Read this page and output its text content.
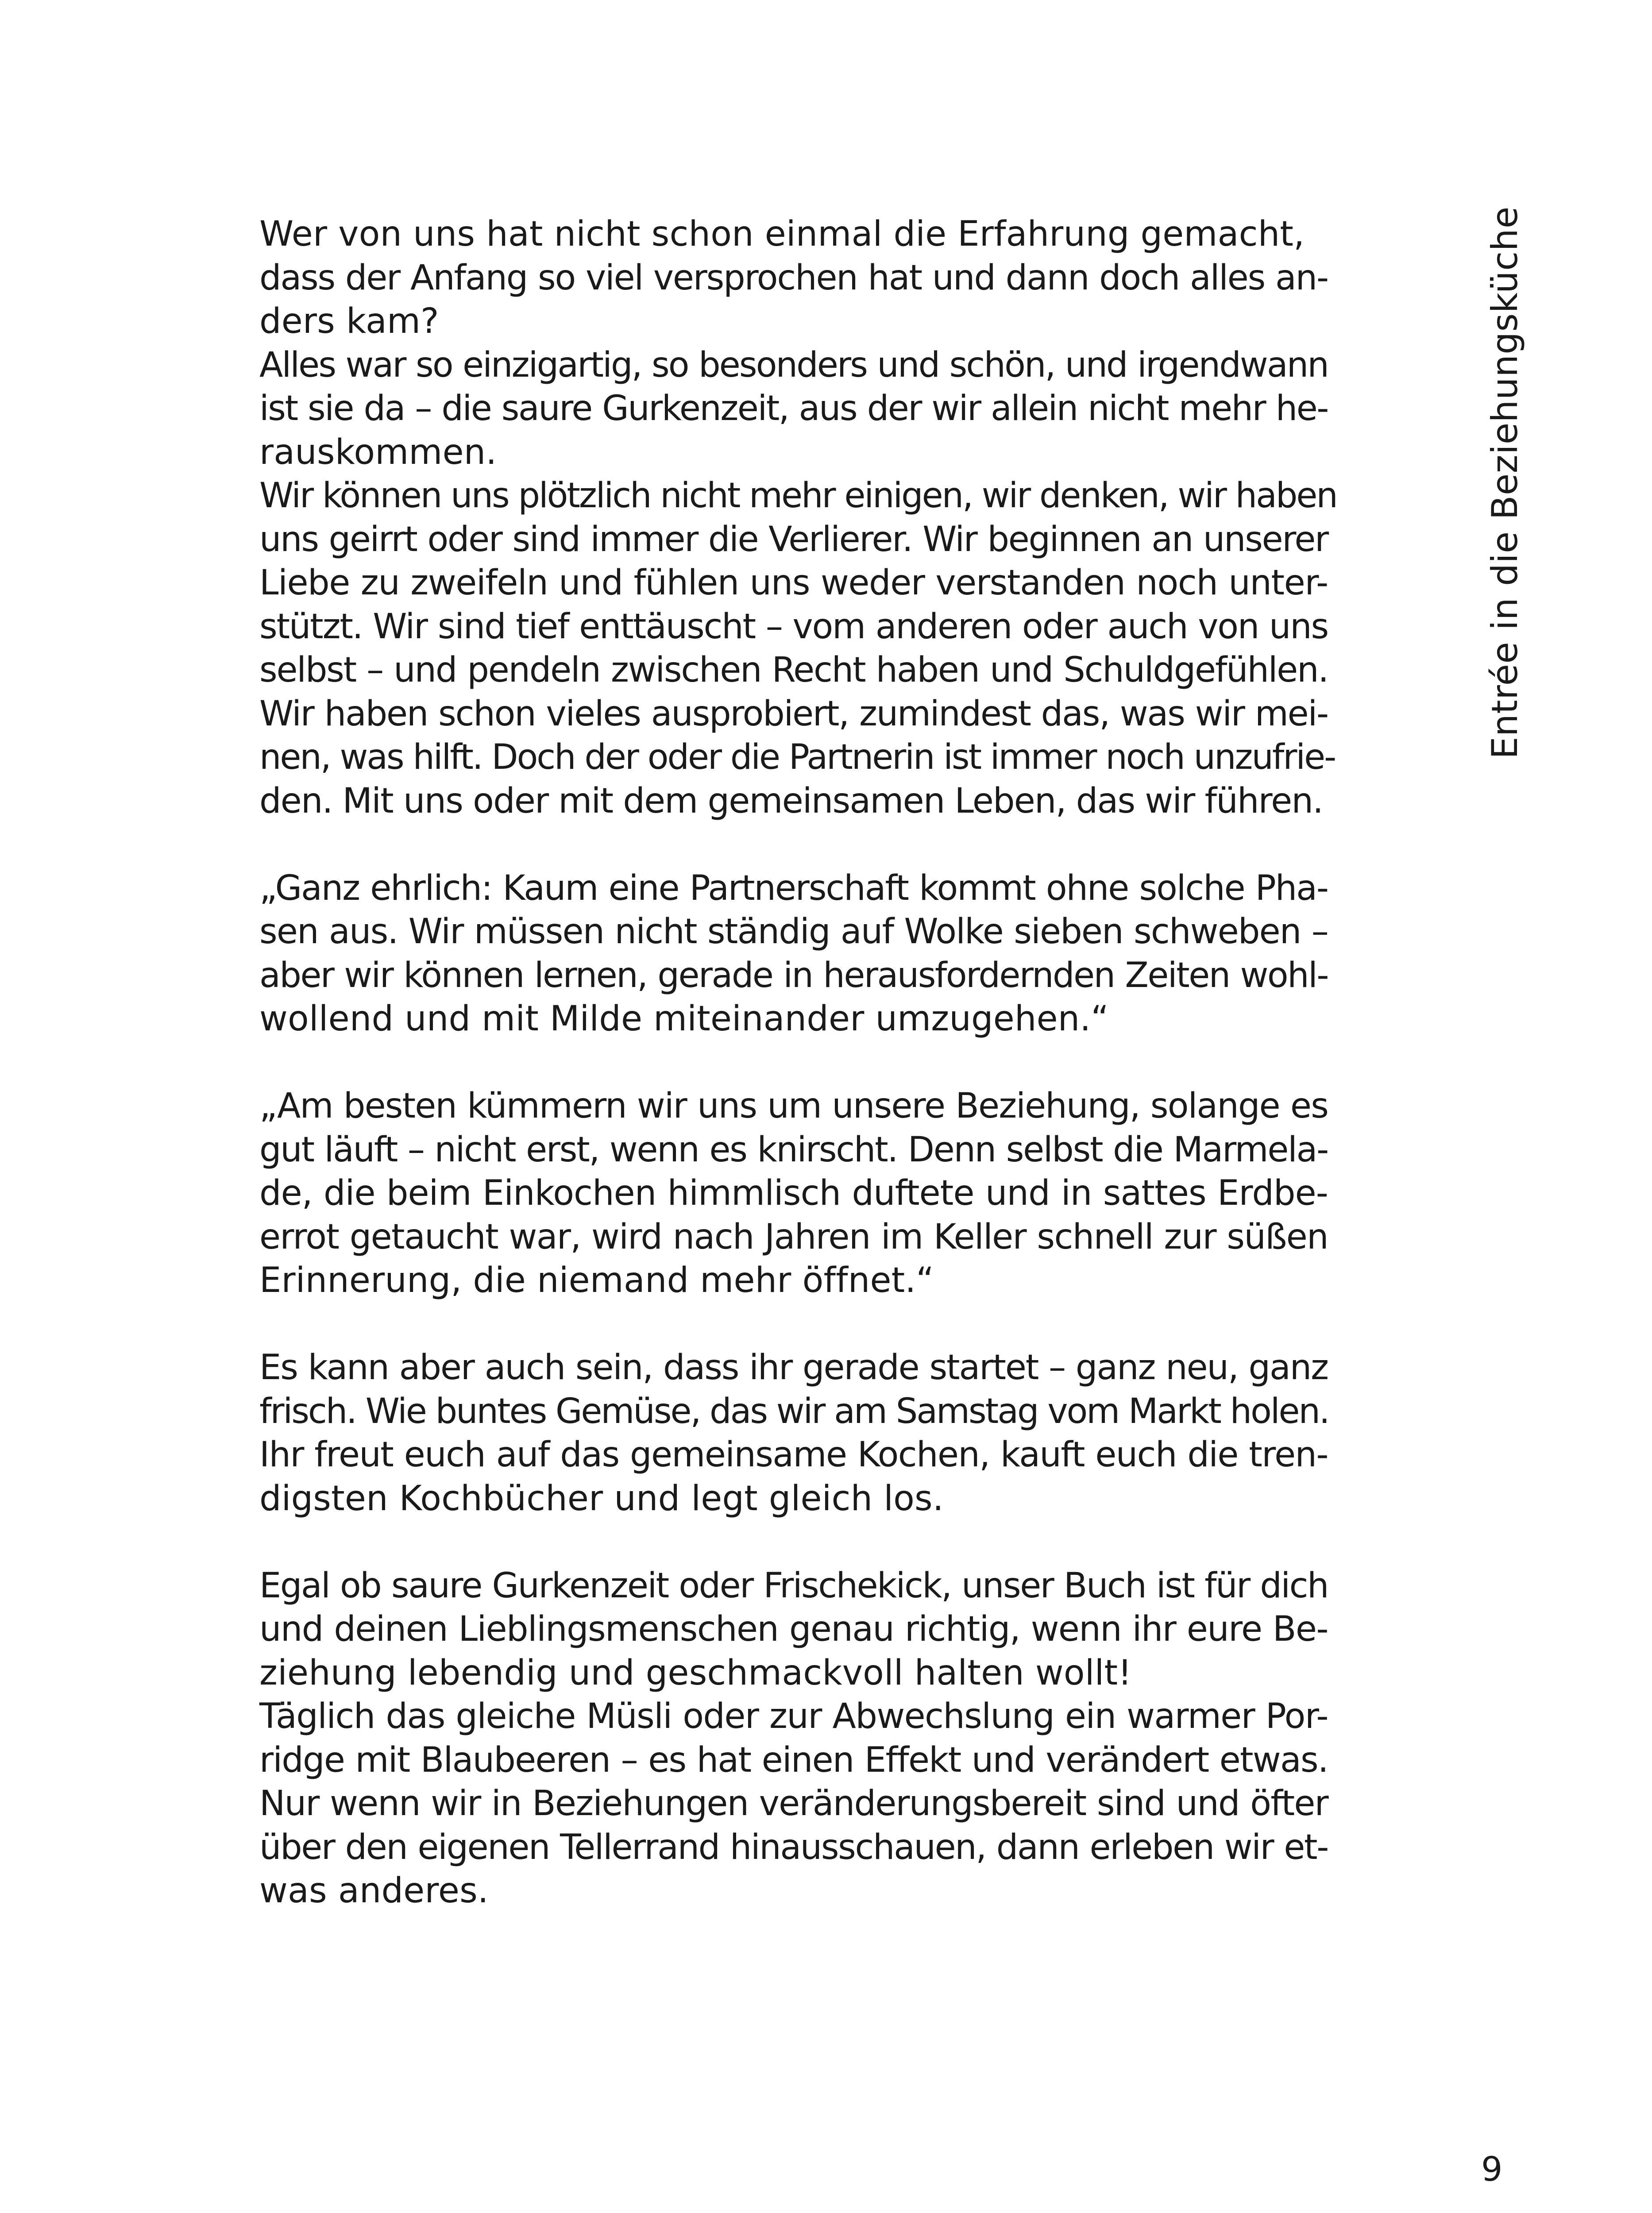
Wer von uns hat nicht schon einmal die Erfahrung gemacht,
dass der Anfang so viel versprochen hat und dann doch alles an-
ders kam?
Alles war so einzigartig, so besonders und schön, und irgendwann
ist sie da – die saure Gurkenzeit, aus der wir allein nicht mehr he-
rauskommen.
Wir können uns plötzlich nicht mehr einigen, wir denken, wir haben
uns geirrt oder sind immer die Verlierer. Wir beginnen an unserer
Liebe zu zweifeln und fühlen uns weder verstanden noch unter-
stützt. Wir sind tief enttäuscht – vom anderen oder auch von uns
selbst – und pendeln zwischen Recht haben und Schuldgefühlen.
Wir haben schon vieles ausprobiert, zumindest das, was wir mei-
nen, was hilft. Doch der oder die Partnerin ist immer noch unzufrie-
den. Mit uns oder mit dem gemeinsamen Leben, das wir führen.
„Ganz ehrlich: Kaum eine Partnerschaft kommt ohne solche Pha-
sen aus. Wir müssen nicht ständig auf Wolke sieben schweben –
aber wir können lernen, gerade in herausfordernden Zeiten wohl-
wollend und mit Milde miteinander umzugehen.“
„Am besten kümmern wir uns um unsere Beziehung, solange es
gut läuft – nicht erst, wenn es knirscht. Denn selbst die Marmela-
de, die beim Einkochen himmlisch duftete und in sattes Erdbe-
errot getaucht war, wird nach Jahren im Keller schnell zur süßen
Erinnerung, die niemand mehr öffnet.“
Es kann aber auch sein, dass ihr gerade startet – ganz neu, ganz
frisch. Wie buntes Gemüse, das wir am Samstag vom Markt holen.
Ihr freut euch auf das gemeinsame Kochen, kauft euch die tren-
digsten Kochbücher und legt gleich los.
Egal ob saure Gurkenzeit oder Frischekick, unser Buch ist für dich
und deinen Lieblingsmenschen genau richtig, wenn ihr eure Be-
ziehung lebendig und geschmackvoll halten wollt!
Täglich das gleiche Müsli oder zur Abwechslung ein warmer Por-
ridge mit Blaubeeren – es hat einen Effekt und verändert etwas.
Nur wenn wir in Beziehungen veränderungsbereit sind und öfter
über den eigenen Tellerrand hinausschauen, dann erleben wir et-
was anderes.
Entrée in die Beziehungsküche
9
